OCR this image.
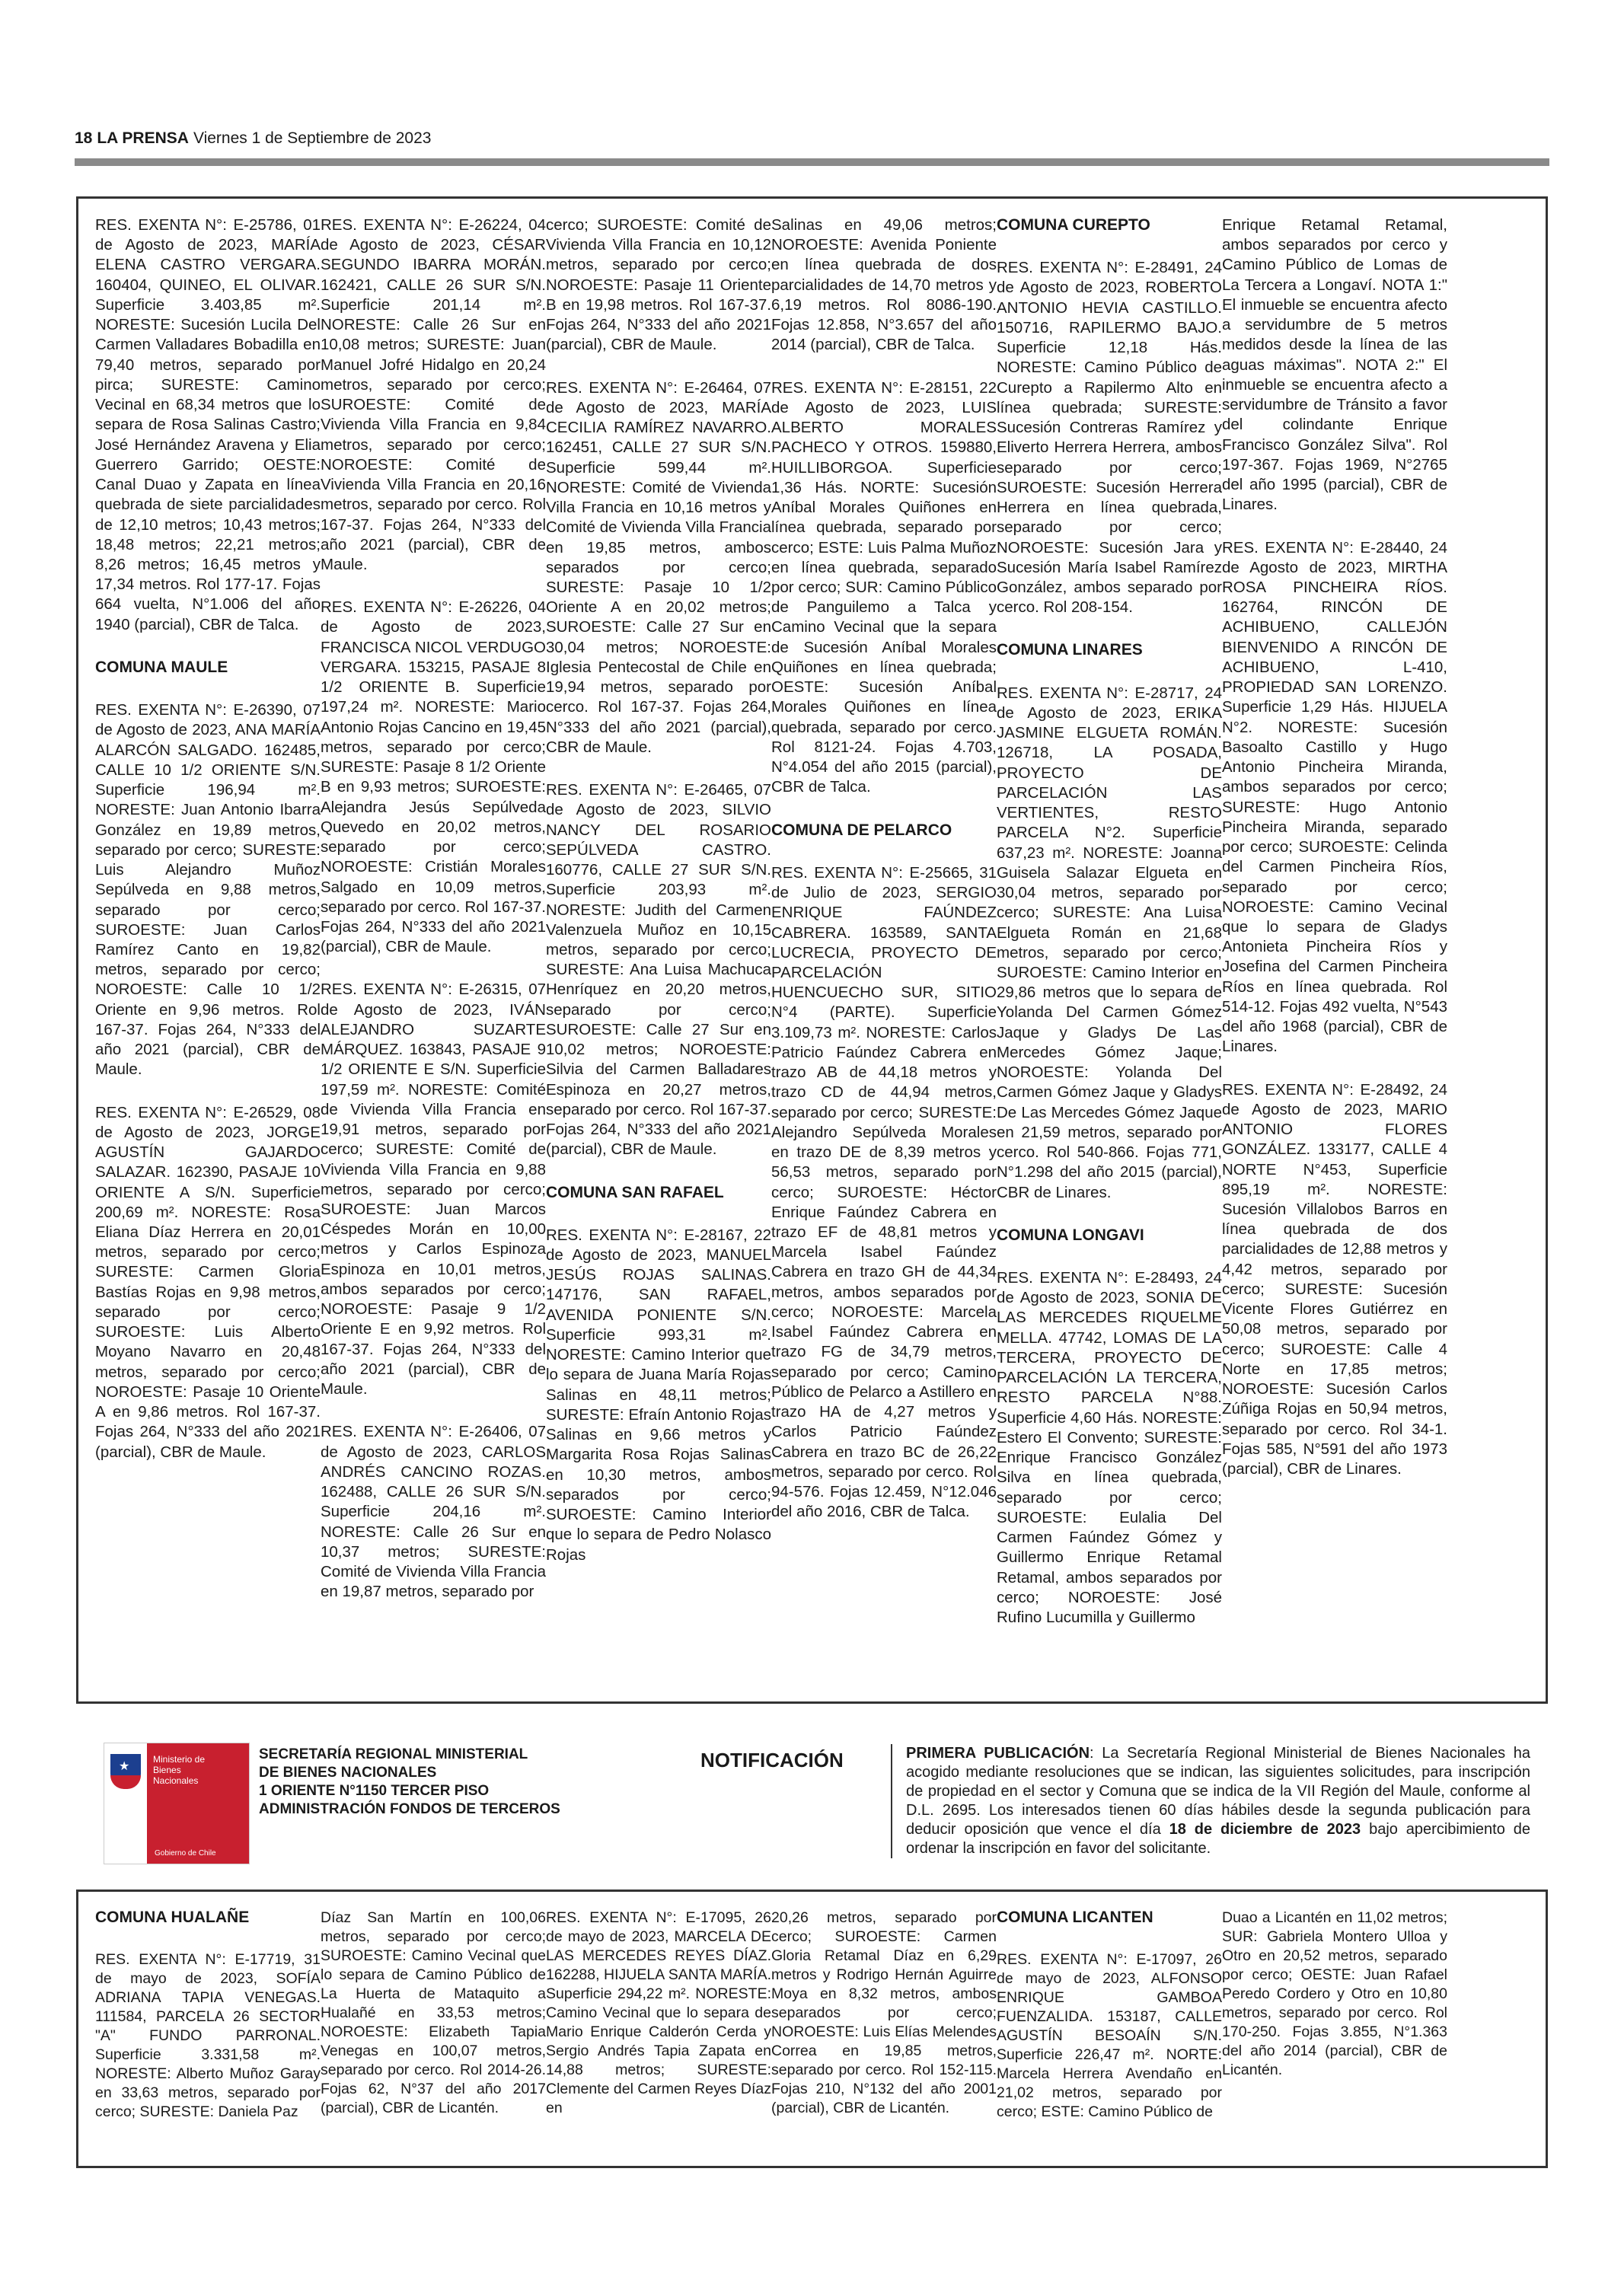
18 LA PRENSA Viernes 1 de Septiembre de 2023

RES. EXENTA N°: E-25786, 01 de Agosto de 2023, MARÍA ELENA CASTRO VERGARA. 160404, QUINEO, EL OLIVAR. Superficie 3.403,85 m². NORESTE: Sucesión Lucila Del Carmen Valladares Bobadilla en 79,40 metros, separado por pirca; SURESTE: Camino Vecinal en 68,34 metros que lo separa de Rosa Salinas Castro; José Hernández Aravena y Elia Guerrero Garrido; OESTE: Canal Duao y Zapata en línea quebrada de siete parcialidades de 12,10 metros; 10,43 metros; 18,48 metros; 22,21 metros; 8,26 metros; 16,45 metros y 17,34 metros. Rol 177-17. Fojas 664 vuelta, N°1.006 del año 1940 (parcial), CBR de Talca.

COMUNA MAULE

RES. EXENTA N°: E-26390, 07 de Agosto de 2023, ANA MARÍA ALARCÓN SALGADO. 162485, CALLE 10 1/2 ORIENTE S/N. Superficie 196,94 m². NORESTE: Juan Antonio Ibarra González en 19,89 metros, separado por cerco; SURESTE: Luis Alejandro Muñoz Sepúlveda en 9,88 metros, separado por cerco; SUROESTE: Juan Carlos Ramírez Canto en 19,82 metros, separado por cerco; NOROESTE: Calle 10 1/2 Oriente en 9,96 metros. Rol 167-37. Fojas 264, N°333 del año 2021 (parcial), CBR de Maule.

RES. EXENTA N°: E-26529, 08 de Agosto de 2023, JORGE AGUSTÍN GAJARDO SALAZAR. 162390, PASAJE 10 ORIENTE A S/N. Superficie 200,69 m². NORESTE: Rosa Eliana Díaz Herrera en 20,01 metros, separado por cerco; SURESTE: Carmen Gloria Bastías Rojas en 9,98 metros, separado por cerco; SUROESTE: Luis Alberto Moyano Navarro en 20,48 metros, separado por cerco; NOROESTE: Pasaje 10 Oriente A en 9,86 metros. Rol 167-37. Fojas 264, N°333 del año 2021 (parcial), CBR de Maule.

RES. EXENTA N°: E-26224, 04 de Agosto de 2023, CÉSAR SEGUNDO IBARRA MORÁN. 162421, CALLE 26 SUR S/N. Superficie 201,14 m². NORESTE: Calle 26 Sur en 10,08 metros; SURESTE: Juan Manuel Jofré Hidalgo en 20,24 metros, separado por cerco; SUROESTE: Comité de Vivienda Villa Francia en 9,84 metros, separado por cerco; NOROESTE: Comité de Vivienda Villa Francia en 20,16 metros, separado por cerco. Rol 167-37. Fojas 264, N°333 del año 2021 (parcial), CBR de Maule.

RES. EXENTA N°: E-26226, 04 de Agosto de 2023, FRANCISCA NICOL VERDUGO VERGARA. 153215, PASAJE 8 1/2 ORIENTE B. Superficie 197,24 m². NORESTE: Mario Antonio Rojas Cancino en 19,45 metros, separado por cerco; SURESTE: Pasaje 8 1/2 Oriente B en 9,93 metros; SUROESTE: Alejandra Jesús Sepúlveda Quevedo en 20,02 metros, separado por cerco; NOROESTE: Cristián Morales Salgado en 10,09 metros, separado por cerco. Rol 167-37. Fojas 264, N°333 del año 2021 (parcial), CBR de Maule.

RES. EXENTA N°: E-26315, 07 de Agosto de 2023, IVÁN ALEJANDRO SUZARTE MÁRQUEZ. 163843, PASAJE 9 1/2 ORIENTE E S/N. Superficie 197,59 m². NORESTE: Comité de Vivienda Villa Francia en 19,91 metros, separado por cerco; SURESTE: Comité de Vivienda Villa Francia en 9,88 metros, separado por cerco; SUROESTE: Juan Marcos Céspedes Morán en 10,00 metros y Carlos Espinoza Espinoza en 10,01 metros, ambos separados por cerco; NOROESTE: Pasaje 9 1/2 Oriente E en 9,92 metros. Rol 167-37. Fojas 264, N°333 del año 2021 (parcial), CBR de Maule.

RES. EXENTA N°: E-26406, 07 de Agosto de 2023, CARLOS ANDRÉS CANCINO ROZAS. 162488, CALLE 26 SUR S/N. Superficie 204,16 m². NORESTE: Calle 26 Sur en 10,37 metros; SURESTE: Comité de Vivienda Villa Francia en 19,87 metros, separado por

cerco; SUROESTE: Comité de Vivienda Villa Francia en 10,12 metros, separado por cerco; NOROESTE: Pasaje 11 Oriente B en 19,98 metros. Rol 167-37. Fojas 264, N°333 del año 2021 (parcial), CBR de Maule.

RES. EXENTA N°: E-26464, 07 de Agosto de 2023, MARÍA CECILIA RAMÍREZ NAVARRO. 162451, CALLE 27 SUR S/N. Superficie 599,44 m². NORESTE: Comité de Vivienda Villa Francia en 10,16 metros y Comité de Vivienda Villa Francia en 19,85 metros, ambos separados por cerco; SURESTE: Pasaje 10 1/2 Oriente A en 20,02 metros; SUROESTE: Calle 27 Sur en 30,04 metros; NOROESTE: Iglesia Pentecostal de Chile en 19,94 metros, separado por cerco. Rol 167-37. Fojas 264, N°333 del año 2021 (parcial), CBR de Maule.

RES. EXENTA N°: E-26465, 07 de Agosto de 2023, SILVIO NANCY DEL ROSARIO SEPÚLVEDA CASTRO. 160776, CALLE 27 SUR S/N. Superficie 203,93 m². NORESTE: Judith del Carmen Valenzuela Muñoz en 10,15 metros, separado por cerco; SURESTE: Ana Luisa Machuca Henríquez en 20,20 metros, separado por cerco; SUROESTE: Calle 27 Sur en 10,02 metros; NOROESTE: Silvia del Carmen Balladares Espinoza en 20,27 metros, separado por cerco. Rol 167-37. Fojas 264, N°333 del año 2021 (parcial), CBR de Maule.

COMUNA SAN RAFAEL

RES. EXENTA N°: E-28167, 22 de Agosto de 2023, MANUEL JESÚS ROJAS SALINAS. 147176, SAN RAFAEL, AVENIDA PONIENTE S/N. Superficie 993,31 m². NORESTE: Camino Interior que lo separa de Juana María Rojas Salinas en 48,11 metros; SURESTE: Efraín Antonio Rojas Salinas en 9,66 metros y Margarita Rosa Rojas Salinas en 10,30 metros, ambos separados por cerco; SUROESTE: Camino Interior que lo separa de Pedro Nolasco Rojas

Salinas en 49,06 metros; NOROESTE: Avenida Poniente en línea quebrada de dos parcialidades de 14,70 metros y 6,19 metros. Rol 8086-190. Fojas 12.858, N°3.657 del año 2014 (parcial), CBR de Talca.

RES. EXENTA N°: E-28151, 22 de Agosto de 2023, LUIS ALBERTO MORALES PACHECO Y OTROS. 159880, HUILLIBORGOA. Superficie 1,36 Hás. NORTE: Sucesión Aníbal Morales Quiñones en línea quebrada, separado por cerco; ESTE: Luis Palma Muñoz en línea quebrada, separado por cerco; SUR: Camino Público de Panguilemo a Talca y Camino Vecinal que la separa de Sucesión Aníbal Morales Quiñones en línea quebrada; OESTE: Sucesión Aníbal Morales Quiñones en línea quebrada, separado por cerco. Rol 8121-24. Fojas 4.703, N°4.054 del año 2015 (parcial), CBR de Talca.

COMUNA DE PELARCO

RES. EXENTA N°: E-25665, 31 de Julio de 2023, SERGIO ENRIQUE FAÚNDEZ CABRERA. 163589, SANTA LUCRECIA, PROYECTO DE PARCELACIÓN HUENCUECHO SUR, SITIO N°4 (PARTE). Superficie 3.109,73 m². NORESTE: Carlos Patricio Faúndez Cabrera en trazo AB de 44,18 metros y trazo CD de 44,94 metros, separado por cerco; SURESTE: Alejandro Sepúlveda Morales en trazo DE de 8,39 metros y 56,53 metros, separado por cerco; SUROESTE: Héctor Enrique Faúndez Cabrera en trazo EF de 48,81 metros y Marcela Isabel Faúndez Cabrera en trazo GH de 44,34 metros, ambos separados por cerco; NOROESTE: Marcela Isabel Faúndez Cabrera en trazo FG de 34,79 metros, separado por cerco; Camino Público de Pelarco a Astillero en trazo HA de 4,27 metros y Carlos Patricio Faúndez Cabrera en trazo BC de 26,22 metros, separado por cerco. Rol 94-576. Fojas 12.459, N°12.046 del año 2016, CBR de Talca.

COMUNA CUREPTO

RES. EXENTA N°: E-28491, 24 de Agosto de 2023, ROBERTO ANTONIO HEVIA CASTILLO. 150716, RAPILERMO BAJO. Superficie 12,18 Hás. NORESTE: Camino Público de Curepto a Rapilermo Alto en línea quebrada; SURESTE: Sucesión Contreras Ramírez y Eliverto Herrera Herrera, ambos separado por cerco; SUROESTE: Sucesión Herrera Herrera en línea quebrada, separado por cerco; NOROESTE: Sucesión Jara y Sucesión María Isabel Ramírez González, ambos separado por cerco. Rol 208-154.

COMUNA LINARES

RES. EXENTA N°: E-28717, 24 de Agosto de 2023, ERIKA JASMINE ELGUETA ROMÁN. 126718, LA POSADA, PROYECTO DE PARCELACIÓN LAS VERTIENTES, RESTO PARCELA N°2. Superficie 637,23 m². NORESTE: Joanna Guisela Salazar Elgueta en 30,04 metros, separado por cerco; SURESTE: Ana Luisa Elgueta Román en 21,68 metros, separado por cerco; SUROESTE: Camino Interior en 29,86 metros que lo separa de Yolanda Del Carmen Gómez Jaque y Gladys De Las Mercedes Gómez Jaque; NOROESTE: Yolanda Del Carmen Gómez Jaque y Gladys De Las Mercedes Gómez Jaque en 21,59 metros, separado por cerco. Rol 540-866. Fojas 771, N°1.298 del año 2015 (parcial), CBR de Linares.

COMUNA LONGAVI

RES. EXENTA N°: E-28493, 24 de Agosto de 2023, SONIA DE LAS MERCEDES RIQUELME MELLA. 47742, LOMAS DE LA TERCERA, PROYECTO DE PARCELACIÓN LA TERCERA, RESTO PARCELA N°88. Superficie 4,60 Hás. NORESTE: Estero El Convento; SURESTE: Enrique Francisco González Silva en línea quebrada, separado por cerco; SUROESTE: Eulalia Del Carmen Faúndez Gómez y Guillermo Enrique Retamal Retamal, ambos separados por cerco; NOROESTE: José Rufino Lucumilla y Guillermo

Enrique Retamal Retamal, ambos separados por cerco y Camino Público de Lomas de La Tercera a Longaví. NOTA 1:" El inmueble se encuentra afecto a servidumbre de 5 metros medidos desde la línea de las aguas máximas". NOTA 2:" El inmueble se encuentra afecto a servidumbre de Tránsito a favor del colindante Enrique Francisco González Silva". Rol 197-367. Fojas 1969, N°2765 del año 1995 (parcial), CBR de Linares.

RES. EXENTA N°: E-28440, 24 de Agosto de 2023, MIRTHA ROSA PINCHEIRA RÍOS. 162764, RINCÓN DE ACHIBUENO, CALLEJÓN BIENVENIDO A RINCÓN DE ACHIBUENO, L-410, PROPIEDAD SAN LORENZO. Superficie 1,29 Hás. HIJUELA N°2. NORESTE: Sucesión Basoalto Castillo y Hugo Antonio Pincheira Miranda, ambos separados por cerco; SURESTE: Hugo Antonio Pincheira Miranda, separado por cerco; SUROESTE: Celinda del Carmen Pincheira Ríos, separado por cerco; NOROESTE: Camino Vecinal que lo separa de Gladys Antonieta Pincheira Ríos y Josefina del Carmen Pincheira Ríos en línea quebrada. Rol 514-12. Fojas 492 vuelta, N°543 del año 1968 (parcial), CBR de Linares.

RES. EXENTA N°: E-28492, 24 de Agosto de 2023, MARIO ANTONIO FLORES GONZÁLEZ. 133177, CALLE 4 NORTE N°453, Superficie 895,19 m². NORESTE: Sucesión Villalobos Barros en línea quebrada de dos parcialidades de 12,88 metros y 4,42 metros, separado por cerco; SURESTE: Sucesión Vicente Flores Gutiérrez en 50,08 metros, separado por cerco; SUROESTE: Calle 4 Norte en 17,85 metros; NOROESTE: Sucesión Carlos Zúñiga Rojas en 50,94 metros, separado por cerco. Rol 34-1. Fojas 585, N°591 del año 1973 (parcial), CBR de Linares.

★
Ministerio de
Bienes
Nacionales
Gobierno de Chile
SECRETARÍA REGIONAL MINISTERIAL
DE BIENES NACIONALES
1 ORIENTE N°1150 TERCER PISO
ADMINISTRACIÓN FONDOS DE TERCEROS
NOTIFICACIÓN	PRIMERA PUBLICACIÓN: La Secretaría Regional Ministerial de Bienes Nacionales ha acogido mediante resoluciones que se indican, las siguientes solicitudes, para inscripción de propiedad en el sector y Comuna que se indica de la VII Región del Maule, conforme al D.L. 2695. Los interesados tienen 60 días hábiles desde la segunda publicación para deducir oposición que vence el día 18 de diciembre de 2023 bajo apercibimiento de ordenar la inscripción en favor del solicitante.
COMUNA HUALAÑE

RES. EXENTA N°: E-17719, 31 de mayo de 2023, SOFÍA ADRIANA TAPIA VENEGAS. 111584, PARCELA 26 SECTOR "A" FUNDO PARRONAL. Superficie 3.331,58 m². NORESTE: Alberto Muñoz Garay en 33,63 metros, separado por cerco; SURESTE: Daniela Paz

Díaz San Martín en 100,06 metros, separado por cerco; SUROESTE: Camino Vecinal que lo separa de Camino Público de La Huerta de Mataquito a Hualañé en 33,53 metros; NOROESTE: Elizabeth Tapia Venegas en 100,07 metros, separado por cerco. Rol 2014-26. Fojas 62, N°37 del año 2017 (parcial), CBR de Licantén.

RES. EXENTA N°: E-17095, 26 de mayo de 2023, MARCELA DE LAS MERCEDES REYES DÍAZ. 162288, HIJUELA SANTA MARÍA. Superficie 294,22 m². NORESTE: Camino Vecinal que lo separa de Mario Enrique Calderón Cerda y Sergio Andrés Tapia Zapata en 14,88 metros; SURESTE: Clemente del Carmen Reyes Díaz en

20,26 metros, separado por cerco; SUROESTE: Carmen Gloria Retamal Díaz en 6,29 metros y Rodrigo Hernán Aguirre Moya en 8,32 metros, ambos separados por cerco; NOROESTE: Luis Elías Melendes Correa en 19,85 metros, separado por cerco. Rol 152-115. Fojas 210, N°132 del año 2001 (parcial), CBR de Licantén.

COMUNA LICANTEN

RES. EXENTA N°: E-17097, 26 de mayo de 2023, ALFONSO ENRIQUE GAMBOA FUENZALIDA. 153187, CALLE AGUSTÍN BESOAÍN S/N. Superficie 226,47 m². NORTE: Marcela Herrera Avendaño en 21,02 metros, separado por cerco; ESTE: Camino Público de

Duao a Licantén en 11,02 metros; SUR: Gabriela Montero Ulloa y Otro en 20,52 metros, separado por cerco; OESTE: Juan Rafael Peredo Cordero y Otro en 10,80 metros, separado por cerco. Rol 170-250. Fojas 3.855, N°1.363 del año 2014 (parcial), CBR de Licantén.
